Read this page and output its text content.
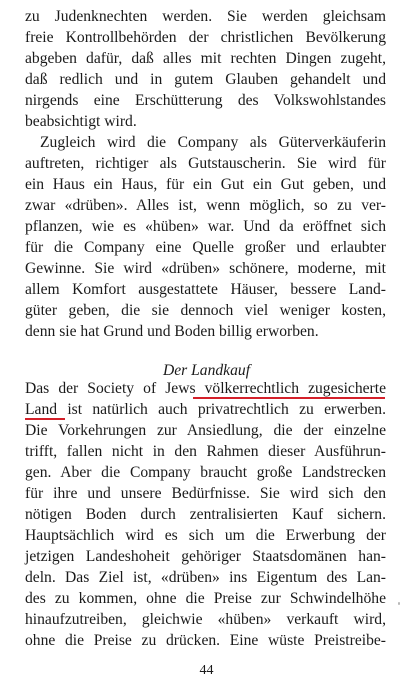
zu Judenknechten werden. Sie werden gleichsam
freie Kontrollbehörden der christlichen Bevölkerung
abgeben dafür, daß alles mit rechten Dingen zugeht,
daß redlich und in gutem Glauben gehandelt und
nirgends eine Erschütterung des Volkswohlstandes
beabsichtigt wird.
Zugleich wird die Company als Güterverkäuferin
auftreten, richtiger als Gutstauscherin. Sie wird für
ein Haus ein Haus, für ein Gut ein Gut geben, und
zwar «drüben». Alles ist, wenn möglich, so zu ver-
pflanzen, wie es «hüben» war. Und da eröffnet sich
für die Company eine Quelle großer und erlaubter
Gewinne. Sie wird «drüben» schönere, moderne, mit
allem Komfort ausgestattete Häuser, bessere Land-
güter geben, die sie dennoch viel weniger kosten,
denn sie hat Grund und Boden billig erworben.
Der Landkauf
Das der Society of Jews völkerrechtlich zugesicherte
Land ist natürlich auch privatrechtlich zu erwerben.
Die Vorkehrungen zur Ansiedlung, die der einzelne
trifft, fallen nicht in den Rahmen dieser Ausführun-
gen. Aber die Company braucht große Landstrecken
für ihre und unsere Bedürfnisse. Sie wird sich den
nötigen Boden durch zentralisierten Kauf sichern.
Hauptsächlich wird es sich um die Erwerbung der
jetzigen Landeshoheit gehöriger Staatsdomänen han-
deln. Das Ziel ist, «drüben» ins Eigentum des Lan-
des zu kommen, ohne die Preise zur Schwindelhöhe
hinaufzutreiben, gleichwie «hüben» verkauft wird,
ohne die Preise zu drücken. Eine wüste Preistreibe-
44
